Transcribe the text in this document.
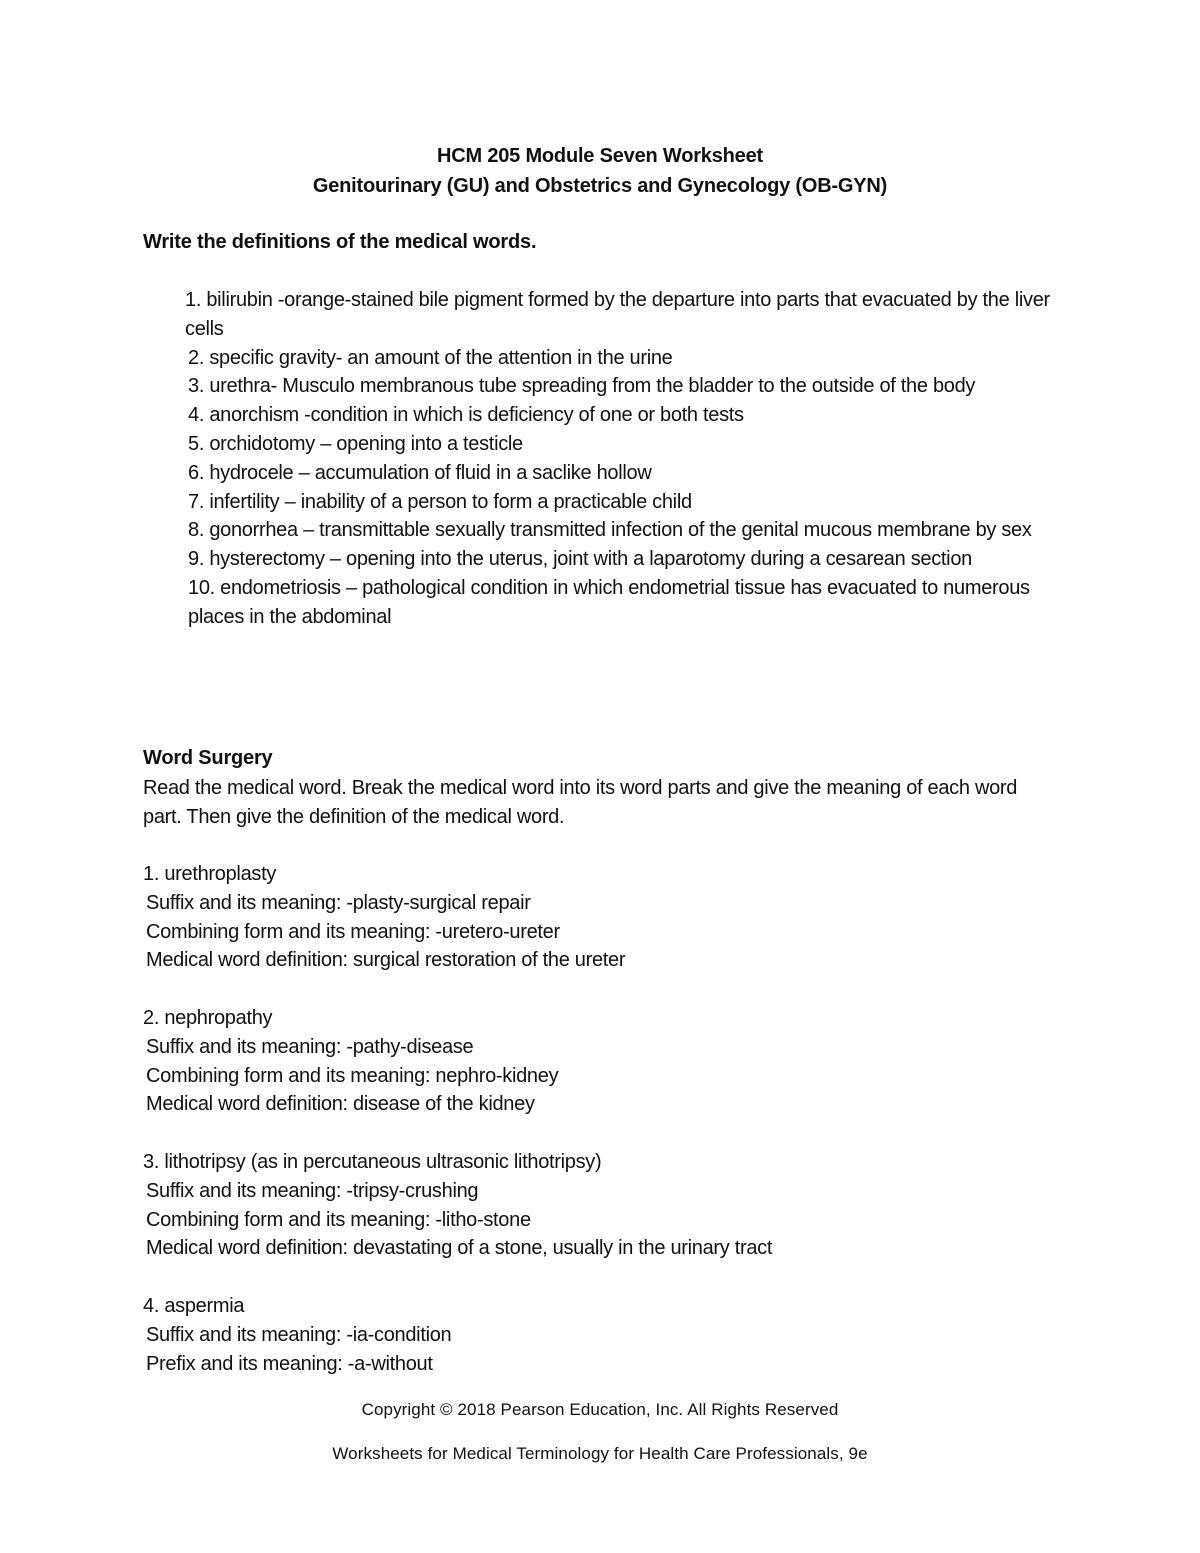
HCM 205 Module Seven Worksheet
Genitourinary (GU) and Obstetrics and Gynecology (OB-GYN)
Write the definitions of the medical words.
1. bilirubin -orange-stained bile pigment formed by the departure into parts that evacuated by the liver cells
2. specific gravity- an amount of the attention in the urine
3. urethra- Musculo membranous tube spreading from the bladder to the outside of the body
4. anorchism -condition in which is deficiency of one or both tests
5. orchidotomy – opening into a testicle
6. hydrocele – accumulation of fluid in a saclike hollow
7. infertility – inability of a person to form a practicable child
8. gonorrhea – transmittable sexually transmitted infection of the genital mucous membrane by sex
9. hysterectomy – opening into the uterus, joint with a laparotomy during a cesarean section
10. endometriosis – pathological condition in which endometrial tissue has evacuated to numerous places in the abdominal
Word Surgery
Read the medical word. Break the medical word into its word parts and give the meaning of each word part. Then give the definition of the medical word.
1. urethroplasty
Suffix and its meaning: -plasty-surgical repair
Combining form and its meaning: -uretero-ureter
Medical word definition: surgical restoration of the ureter
2. nephropathy
Suffix and its meaning: -pathy-disease
Combining form and its meaning: nephro-kidney
Medical word definition: disease of the kidney
3. lithotripsy (as in percutaneous ultrasonic lithotripsy)
Suffix and its meaning: -tripsy-crushing
Combining form and its meaning: -litho-stone
Medical word definition: devastating of a stone, usually in the urinary tract
4. aspermia
Suffix and its meaning: -ia-condition
Prefix and its meaning: -a-without
Copyright © 2018 Pearson Education, Inc. All Rights Reserved
Worksheets for Medical Terminology for Health Care Professionals, 9e
